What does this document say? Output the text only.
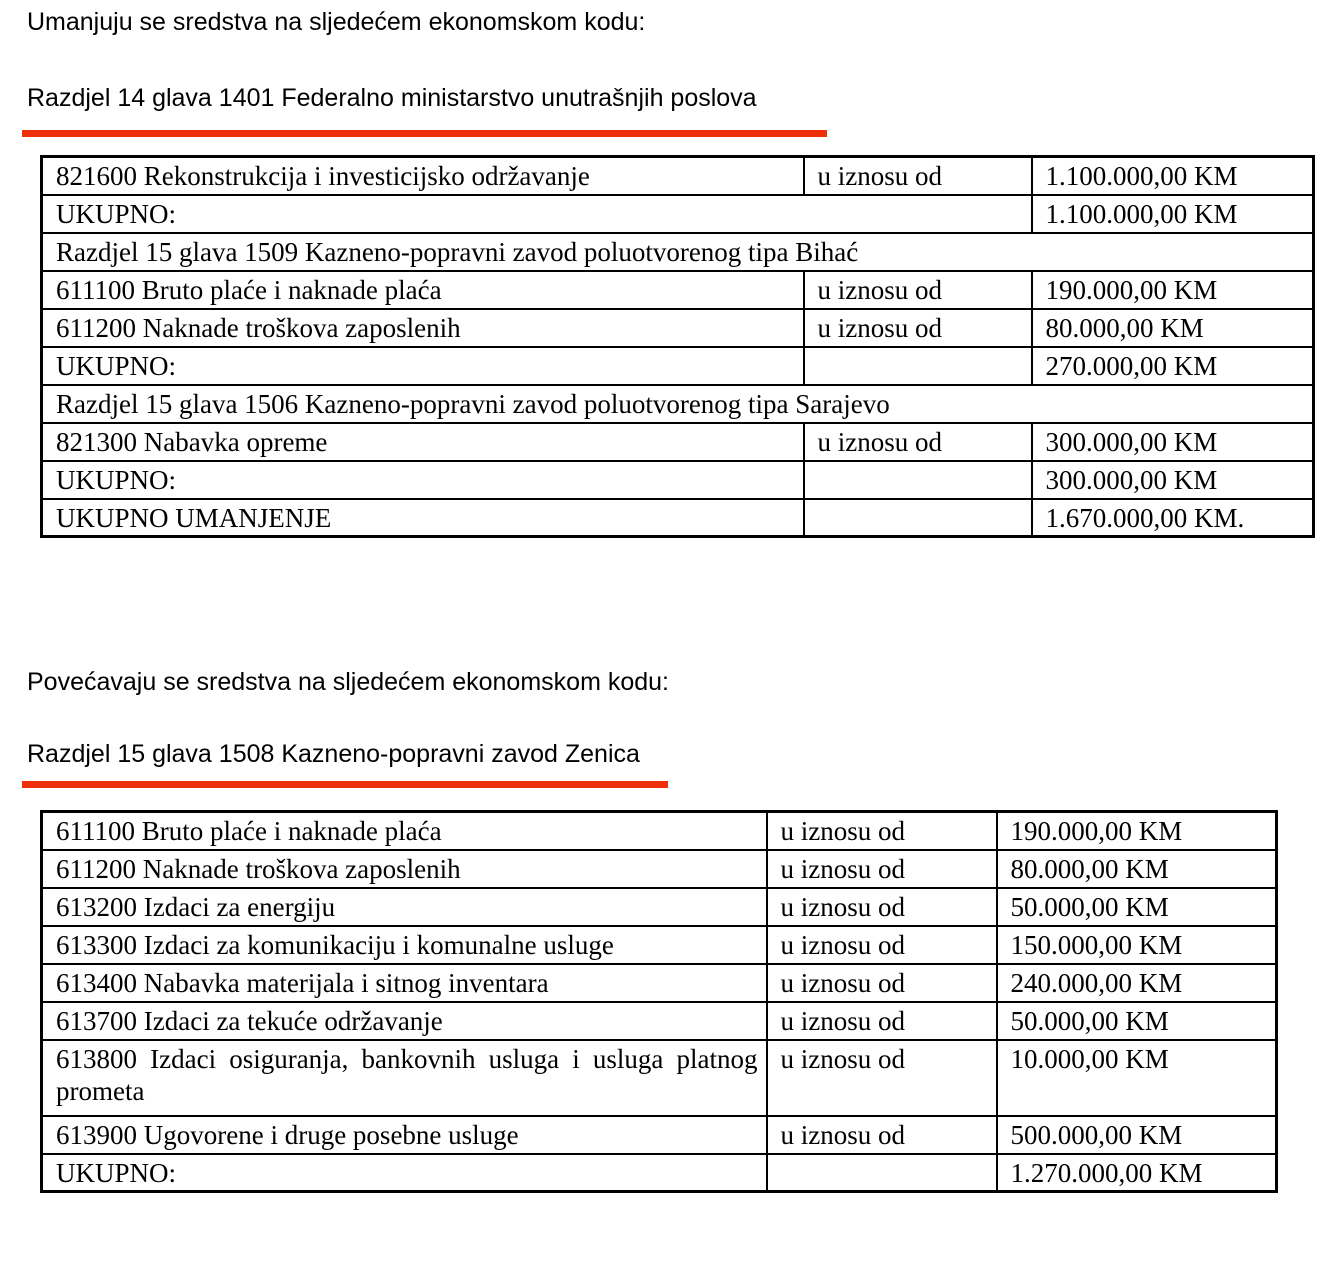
Umanjuju se sredstva na sljedećem ekonomskom kodu:
Razdjel 14 glava 1401 Federalno ministarstvo unutrašnjih poslova
821600 Rekonstrukcija i investicijsko održavanje	u iznosu od	1.100.000,00 KM
UKUPNO:		1.100.000,00 KM
Razdjel 15 glava 1509 Kazneno-popravni zavod poluotvorenog tipa Bihać		
611100 Bruto plaće i naknade plaća	u iznosu od	190.000,00 KM
611200 Naknade troškova zaposlenih	u iznosu od	80.000,00 KM
UKUPNO:		270.000,00 KM
Razdjel 15 glava 1506 Kazneno-popravni zavod poluotvorenog tipa Sarajevo		
821300 Nabavka opreme	u iznosu od	300.000,00 KM
UKUPNO:		300.000,00 KM
UKUPNO UMANJENJE		1.670.000,00 KM.
Povećavaju se sredstva na sljedećem ekonomskom kodu:
Razdjel 15 glava 1508 Kazneno-popravni zavod Zenica
611100 Bruto plaće i naknade plaća	u iznosu od	190.000,00 KM
611200 Naknade troškova zaposlenih	u iznosu od	80.000,00 KM
613200 Izdaci za energiju	u iznosu od	50.000,00 KM
613300 Izdaci za komunikaciju i komunalne usluge	u iznosu od	150.000,00 KM
613400 Nabavka materijala i sitnog inventara	u iznosu od	240.000,00 KM
613700 Izdaci za tekuće održavanje	u iznosu od	50.000,00 KM
613800 Izdaci osiguranja, bankovnih usluga i usluga platnog prometa	u iznosu od	10.000,00 KM
613900 Ugovorene i druge posebne usluge	u iznosu od	500.000,00 KM
UKUPNO:		1.270.000,00 KM
